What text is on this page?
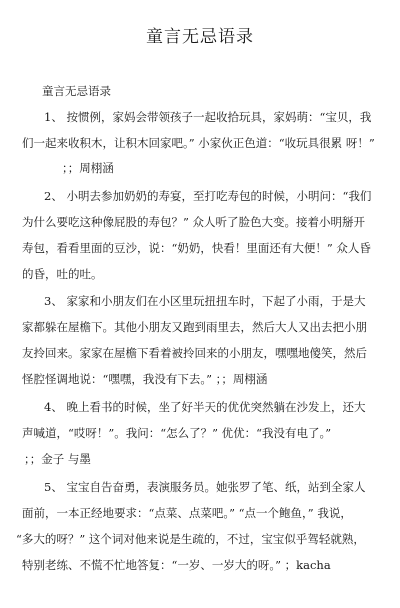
童言无忌语录
童言无忌语录
1、 按惯例，家妈会带领孩子一起收拾玩具，家妈萌：“宝贝，我
们一起来收积木，让积木回家吧。” 小家伙正色道：“收玩具很累 呀！”
；；周栩涵
2、 小明去参加奶奶的寿宴，至打吃寿包的时候，小明问：“我们
为什么要吃这种像屁股的寿包？” 众人听了脸色大变。接着小明掰开
寿包，看看里面的豆沙，说：“奶奶，快看！里面还有大便！” 众人昏
的昏，吐的吐。
3、 家家和小朋友们在小区里玩扭扭车时，下起了小雨，于是大
家都躲在屋檐下。其他小朋友又跑到雨里去，然后大人又出去把小朋
友拎回来。家家在屋檐下看着被拎回来的小朋友，嘿嘿地傻笑，然后
怪腔怪调地说：“嘿嘿，我没有下去。” ；；周栩涵
4、 晚上看书的时候，坐了好半天的优优突然躺在沙发上，还大
声喊道，“哎呀！”。我问：“怎么了？” 优优：“我没有电了。”
；；金子 与墨
5、 宝宝自告奋勇，表演服务员。她张罗了笔、纸，站到全家人
面前，一本正经地要求：“点菜、点菜吧。” “点一个鲍鱼，” 我说，
“多大的呀？” 这个词对他来说是生疏的，不过，宝宝似乎驾轻就熟，
特别老练、不慌不忙地答复：“一岁、一岁大的呀。” ；kacha
